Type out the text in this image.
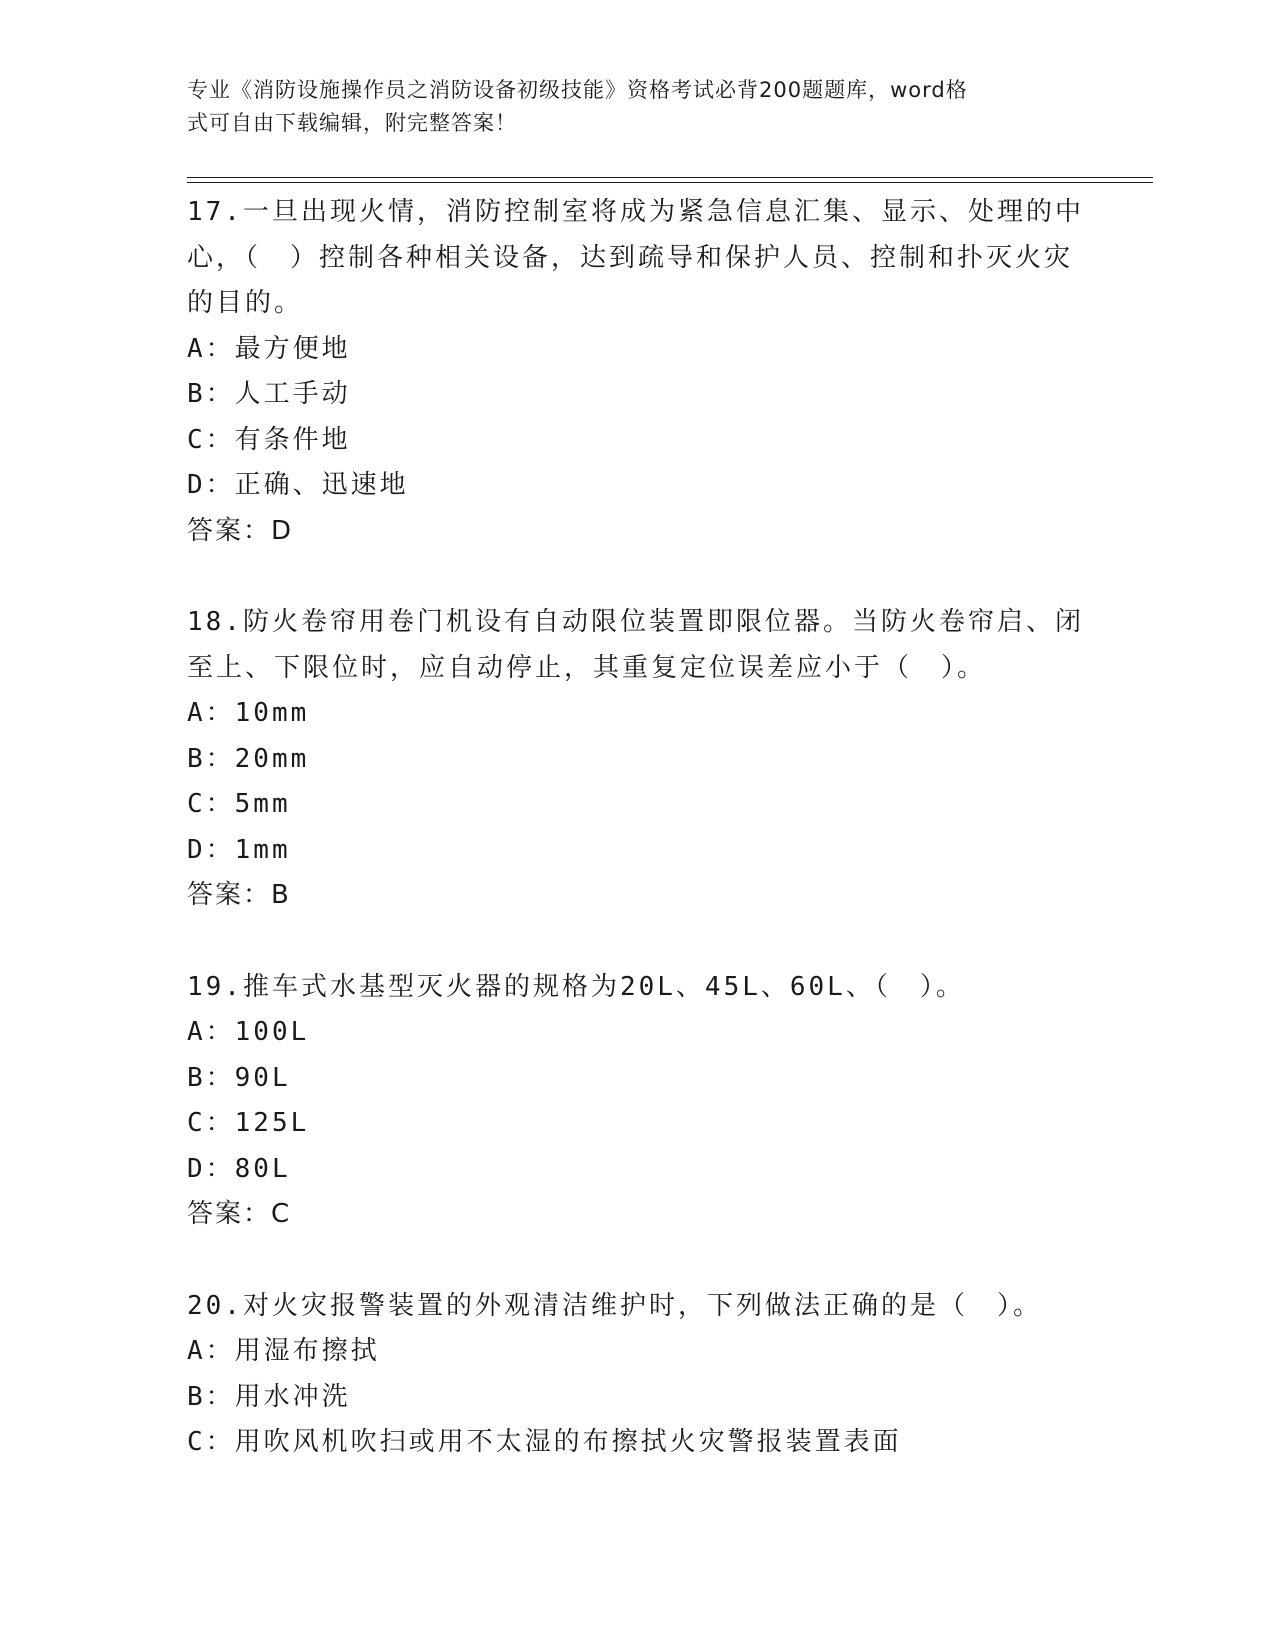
专业《消防设施操作员之消防设备初级技能》资格考试必背200题题库，word格
式可自由下载编辑，附完整答案！

17.一旦出现火情，消防控制室将成为紧急信息汇集、显示、处理的中心，（　）控制各种相关设备，达到疏导和保护人员、控制和扑灭火灾的目的。

A：最方便地

B：人工手动

C：有条件地

D：正确、迅速地

答案：D

18.防火卷帘用卷门机设有自动限位装置即限位器。当防火卷帘启、闭至上、下限位时，应自动停止，其重复定位误差应小于（　）。

A：10mm

B：20mm

C：5mm

D：1mm

答案：B

19.推车式水基型灭火器的规格为20L、45L、60L、（　）。

A：100L

B：90L

C：125L

D：80L

答案：C

20.对火灾报警装置的外观清洁维护时，下列做法正确的是（　）。

A：用湿布擦拭

B：用水冲洗

C：用吹风机吹扫或用不太湿的布擦拭火灾警报装置表面
